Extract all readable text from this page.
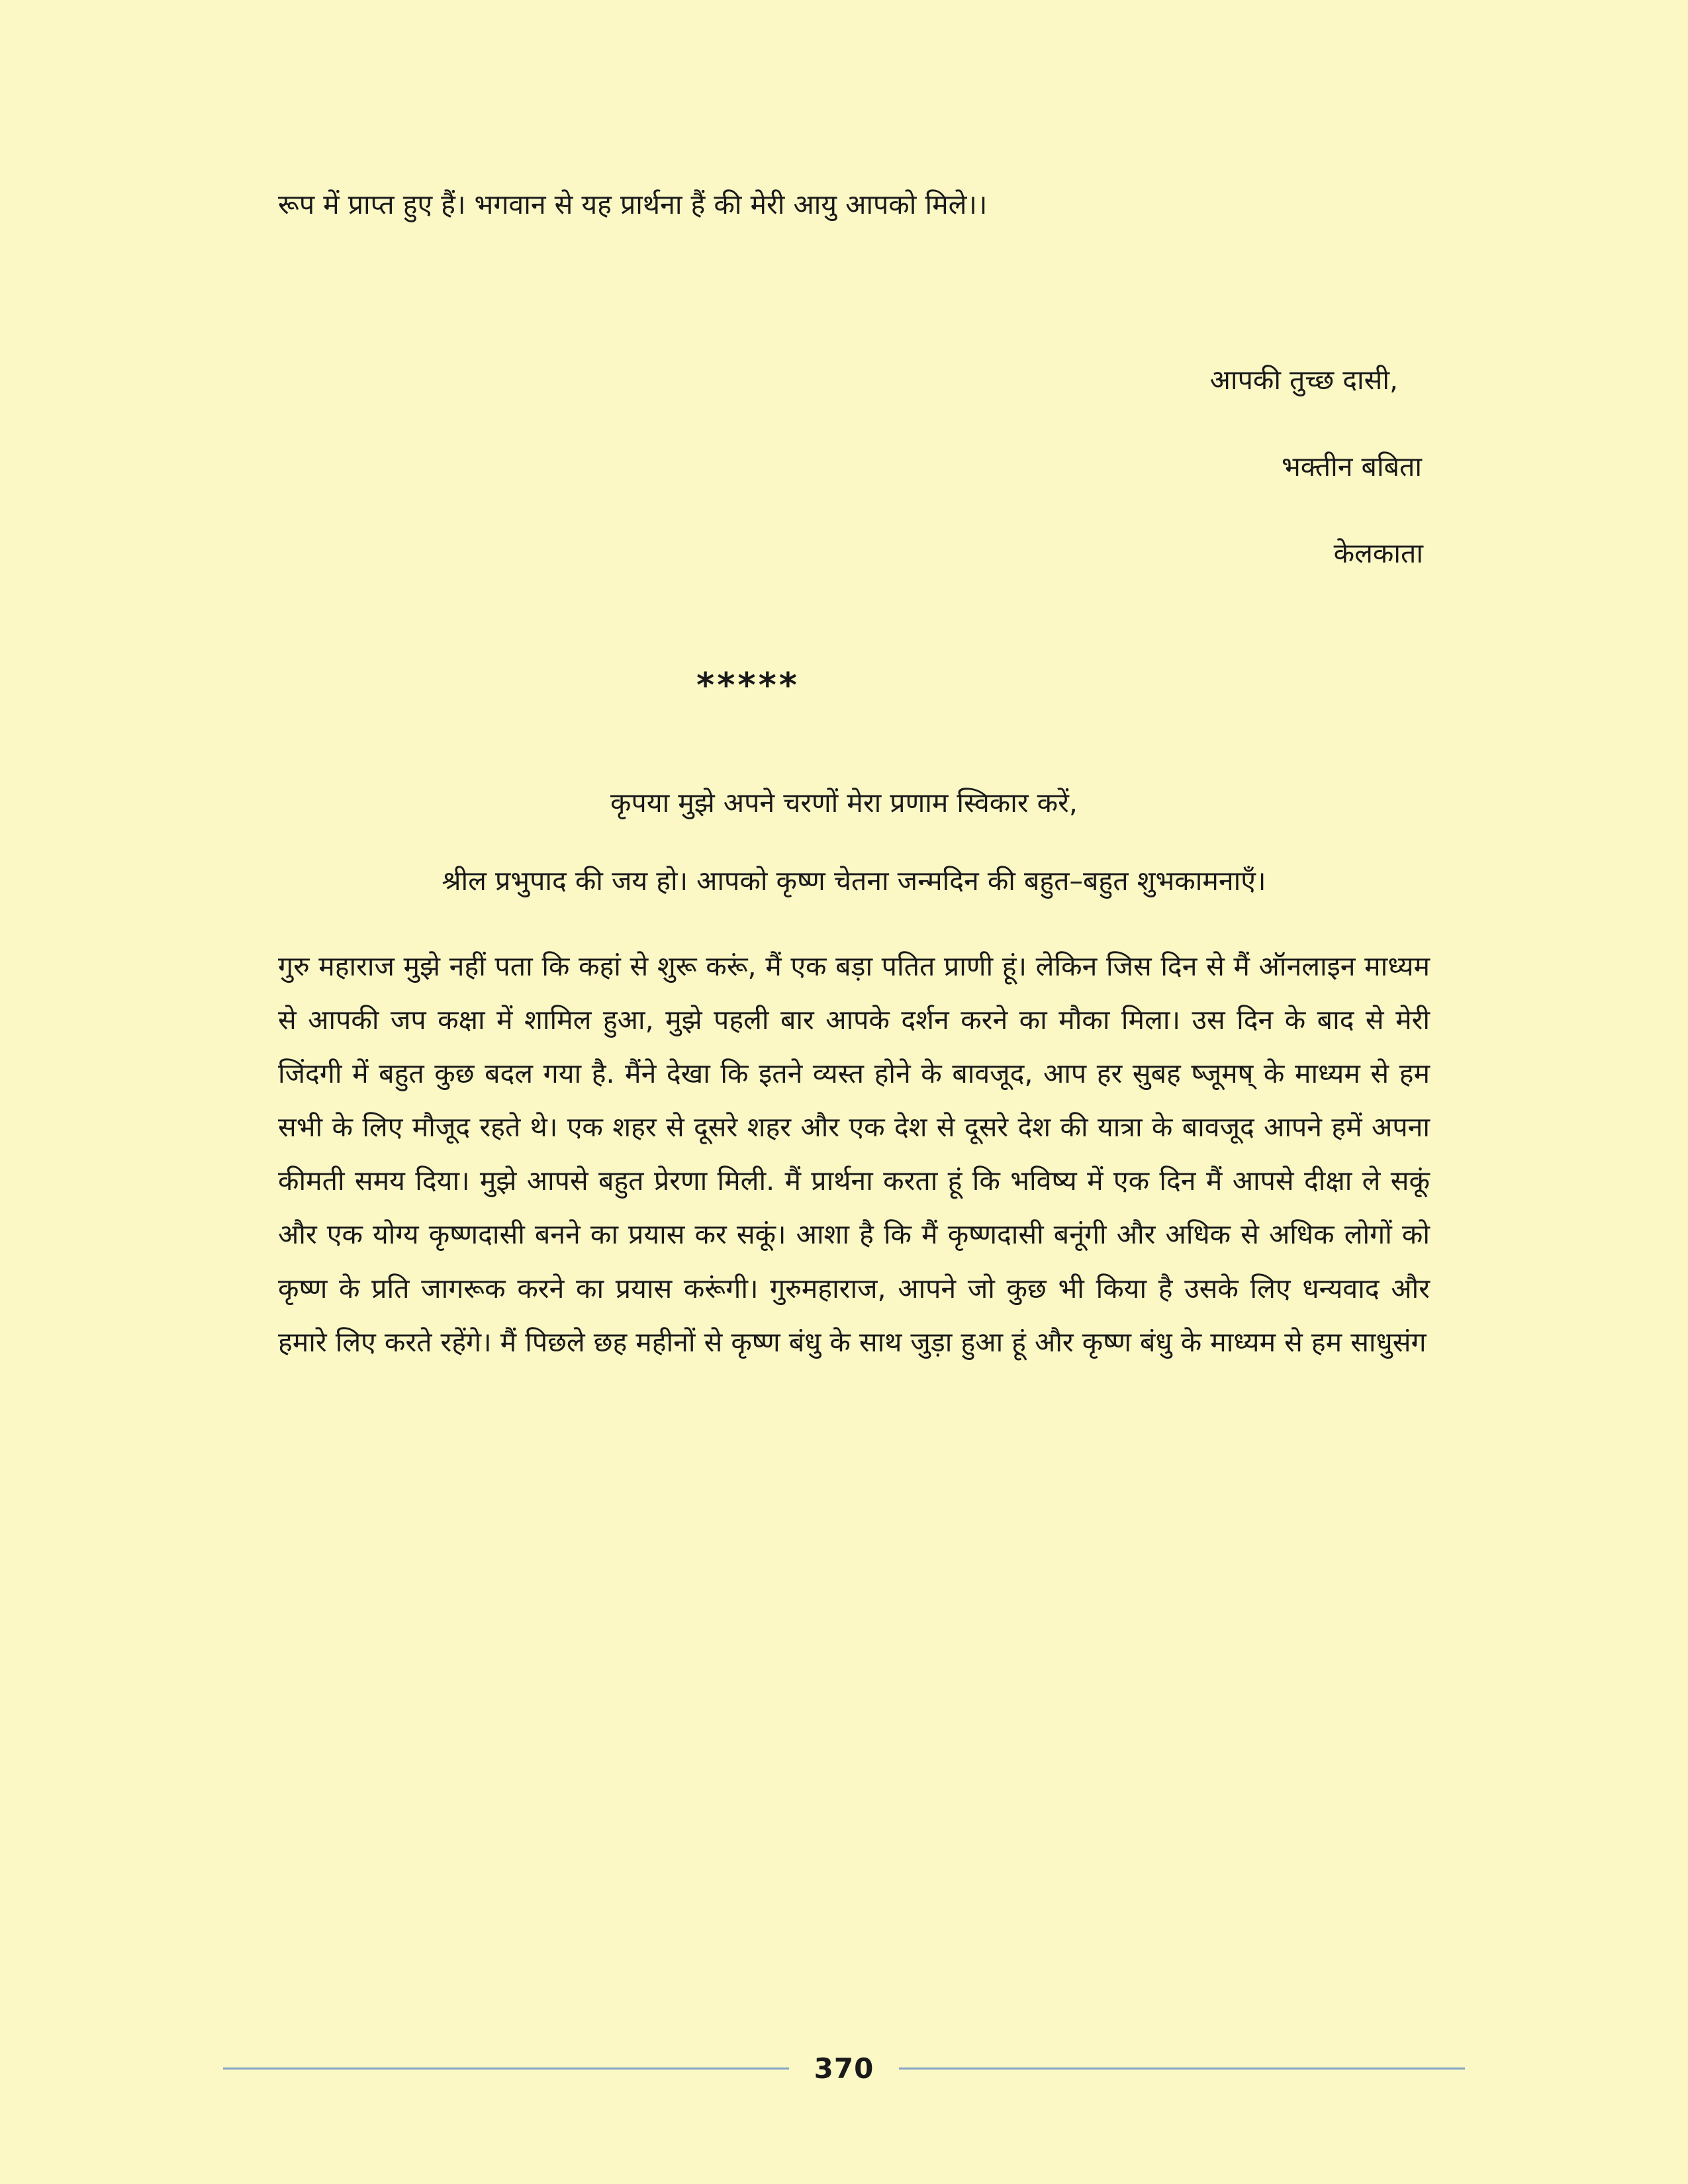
रूप में प्राप्त हुए हैं। भगवान से यह प्रार्थना हैं की मेरी आयु आपको मिले।।

आपकी तुच्छ दासी,

भक्तीन बबिता

केलकाता

*****

कृपया मुझे अपने चरणों मेरा प्रणाम स्विकार करें,

श्रील प्रभुपाद की जय हो। आपको कृष्ण चेतना जन्मदिन की बहुत–बहुत शुभकामनाएँ।

गुरु महाराज मुझे नहीं पता कि कहां से शुरू करूं, मैं एक बड़ा पतित प्राणी हूं। लेकिन जिस दिन से मैं ऑनलाइन माध्यम से आपकी जप कक्षा में शामिल हुआ, मुझे पहली बार आपके दर्शन करने का मौका मिला। उस दिन के बाद से मेरी जिंदगी में बहुत कुछ बदल गया है. मैंने देखा कि इतने व्यस्त होने के बावजूद, आप हर सुबह ष्जूमष् के माध्यम से हम सभी के लिए मौजूद रहते थे। एक शहर से दूसरे शहर और एक देश से दूसरे देश की यात्रा के बावजूद आपने हमें अपना कीमती समय दिया। मुझे आपसे बहुत प्रेरणा मिली. मैं प्रार्थना करता हूं कि भविष्य में एक दिन मैं आपसे दीक्षा ले सकूं और एक योग्य कृष्णदासी बनने का प्रयास कर सकूं। आशा है कि मैं कृष्णदासी बनूंगी और अधिक से अधिक लोगों को कृष्ण के प्रति जागरूक करने का प्रयास करूंगी। गुरुमहाराज, आपने जो कुछ भी किया है उसके लिए धन्यवाद और हमारे लिए करते रहेंगे। मैं पिछले छह महीनों से कृष्ण बंधु के साथ जुड़ा हुआ हूं और कृष्ण बंधु के माध्यम से हम साधुसंग

370
